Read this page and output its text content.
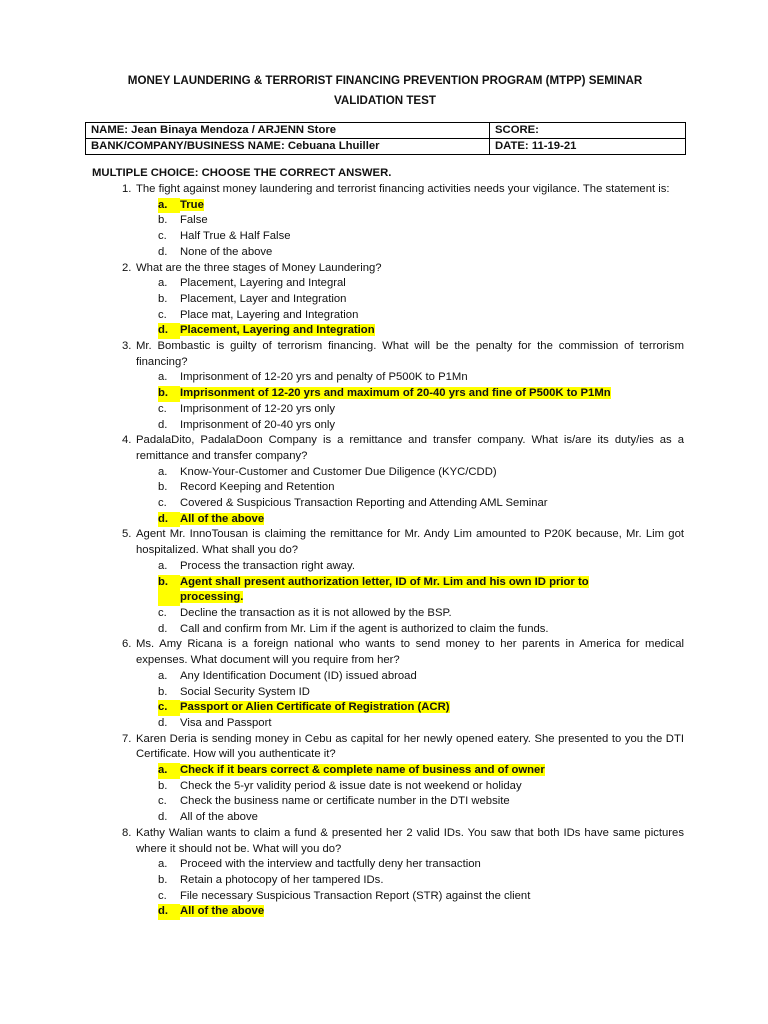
MONEY LAUNDERING & TERRORIST FINANCING PREVENTION PROGRAM (MTPP) SEMINAR
VALIDATION TEST
NAME: Jean Binaya Mendoza / ARJENN Store	SCORE:
BANK/COMPANY/BUSINESS NAME: Cebuana Lhuiller	DATE: 11-19-21
MULTIPLE CHOICE: CHOOSE THE CORRECT ANSWER.
1. The fight against money laundering and terrorist financing activities needs your vigilance. The statement is:
a.	True
b.	False
c.	Half True & Half False
d.	None of the above
2. What are the three stages of Money Laundering?
a.	Placement, Layering and Integral
b.	Placement, Layer and Integration
c.	Place mat, Layering and Integration
d.	Placement, Layering and Integration
3. Mr. Bombastic is guilty of terrorism financing. What will be the penalty for the commission of terrorism financing?
a.	Imprisonment of 12-20 yrs and penalty of P500K to P1Mn
b.	Imprisonment of 12-20 yrs and maximum of 20-40 yrs and fine of P500K to P1Mn
c.	Imprisonment of 12-20 yrs only
d.	Imprisonment of 20-40 yrs only
4. PadalaDito, PadalaDoon Company is a remittance and transfer company. What is/are its duty/ies as a remittance and transfer company?
a.	Know-Your-Customer and Customer Due Diligence (KYC/CDD)
b.	Record Keeping and Retention
c.	Covered & Suspicious Transaction Reporting and Attending AML Seminar
d.	All of the above
5. Agent Mr. InnoTousan is claiming the remittance for Mr. Andy Lim amounted to P20K because, Mr. Lim got hospitalized. What shall you do?
a.	Process the transaction right away.
b.	Agent shall present authorization letter, ID of Mr. Lim and his own ID prior to
processing.
c.	Decline the transaction as it is not allowed by the BSP.
d.	Call and confirm from Mr. Lim if the agent is authorized to claim the funds.
6. Ms. Amy Ricana is a foreign national who wants to send money to her parents in America for medical expenses. What document will you require from her?
a.	Any Identification Document (ID) issued abroad
b.	Social Security System ID
c.	Passport or Alien Certificate of Registration (ACR)
d.	Visa and Passport
7. Karen Deria is sending money in Cebu as capital for her newly opened eatery. She presented to you the DTI Certificate. How will you authenticate it?
a.	Check if it bears correct & complete name of business and of owner
b.	Check the 5-yr validity period & issue date is not weekend or holiday
c.	Check the business name or certificate number in the DTI website
d.	All of the above
8. Kathy Walian wants to claim a fund & presented her 2 valid IDs. You saw that both IDs have same pictures where it should not be. What will you do?
a.	Proceed with the interview and tactfully deny her transaction
b.	Retain a photocopy of her tampered IDs.
c.	File necessary Suspicious Transaction Report (STR) against the client
d.	All of the above
